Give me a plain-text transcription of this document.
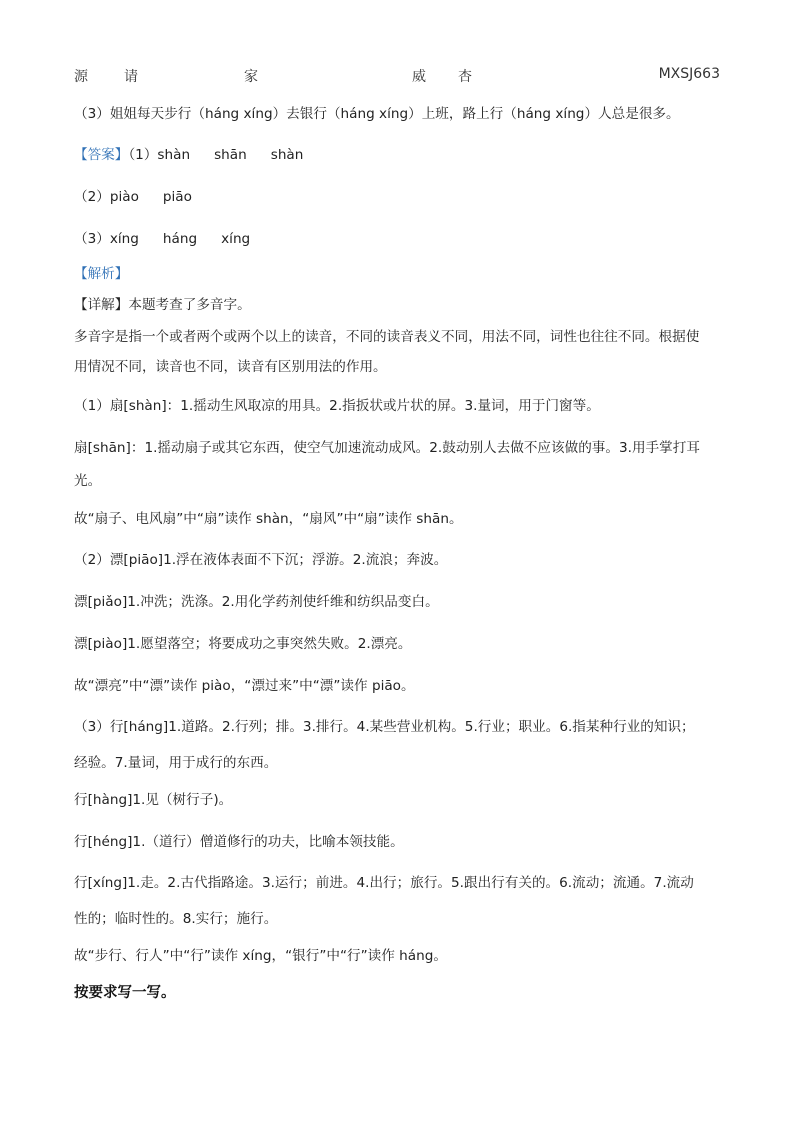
源	请	家	威 杏	MXSJ663
（3）姐姐每天步行（háng xíng）去银行（háng xíng）上班，路上行（háng xíng）人总是很多。
【答案】（1）shàn shān shàn
（2）piào piāo
（3）xíng háng xíng
【解析】
【详解】本题考查了多音字。
多音字是指一个或者两个或两个以上的读音，不同的读音表义不同，用法不同，词性也往往不同。根据使
用情况不同，读音也不同，读音有区别用法的作用。
（1）扇[shàn]：1.摇动生风取凉的用具。2.指扳状或片状的屏。3.量词，用于门窗等。
扇[shān]：1.摇动扇子或其它东西，使空气加速流动成风。2.鼓动别人去做不应该做的事。3.用手掌打耳
光。
故“扇子、电风扇”中“扇”读作 shàn，“扇风”中“扇”读作 shān。
（2）漂[piāo]1.浮在液体表面不下沉；浮游。2.流浪；奔波。
漂[piǎo]1.冲洗；洗涤。2.用化学药剂使纤维和纺织品变白。
漂[piào]1.愿望落空；将要成功之事突然失败。2.漂亮。
故“漂亮”中“漂”读作 piào，“漂过来”中“漂”读作 piāo。
（3）行[háng]1.道路。2.行列；排。3.排行。4.某些营业机构。5.行业；职业。6.指某种行业的知识；
经验。7.量词，用于成行的东西。
行[hàng]1.见（树行子)。
行[héng]1.（道行）僧道修行的功夫，比喻本领技能。
行[xíng]1.走。2.古代指路途。3.运行；前进。4.出行；旅行。5.跟出行有关的。6.流动；流通。7.流动
性的；临时性的。8.实行；施行。
故“步行、行人”中“行”读作 xíng，“银行”中“行”读作 háng。
按要求写一写。
